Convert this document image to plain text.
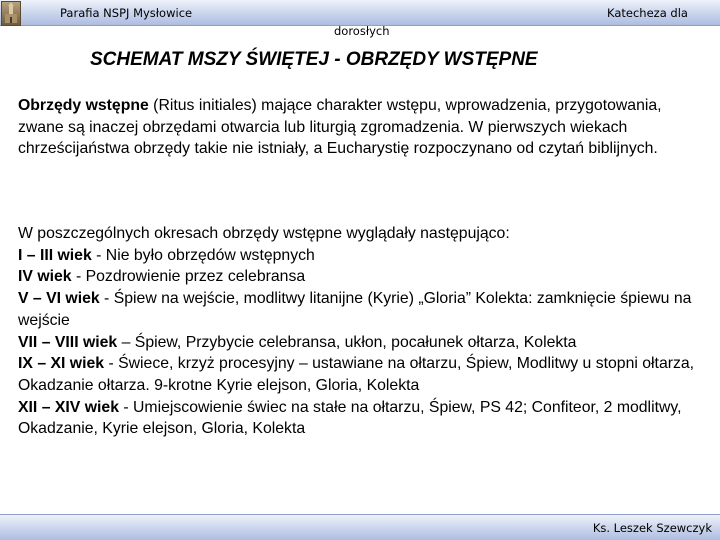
Parafia NSPJ Mysłowice	Katecheza dla
dorosłych
SCHEMAT MSZY ŚWIĘTEJ - OBRZĘDY WSTĘPNE
Obrzędy wstępne (Ritus initiales) mające charakter wstępu, wprowadzenia, przygotowania, zwane są inaczej obrzędami otwarcia lub liturgią zgromadzenia. W pierwszych wiekach chrześcijaństwa obrzędy takie nie istniały, a Eucharystię rozpoczynano od czytań biblijnych.
W poszczególnych okresach obrzędy wstępne wyglądały następująco:
I – III wiek - Nie było obrzędów wstępnych
IV wiek - Pozdrowienie przez celebransa
V – VI wiek - Śpiew na wejście, modlitwy litanijne (Kyrie) „Gloria” Kolekta: zamknięcie śpiewu na wejście
VII – VIII wiek – Śpiew, Przybycie celebransa, ukłon, pocałunek ołtarza, Kolekta
IX – XI wiek - Świece, krzyż procesyjny – ustawiane na ołtarzu, Śpiew, Modlitwy u stopni ołtarza, Okadzanie ołtarza. 9-krotne Kyrie elejson, Gloria, Kolekta
XII – XIV wiek - Umiejscowienie świec na stałe na ołtarzu, Śpiew, PS 42; Confiteor, 2 modlitwy, Okadzanie, Kyrie elejson, Gloria, Kolekta
Ks. Leszek Szewczyk
